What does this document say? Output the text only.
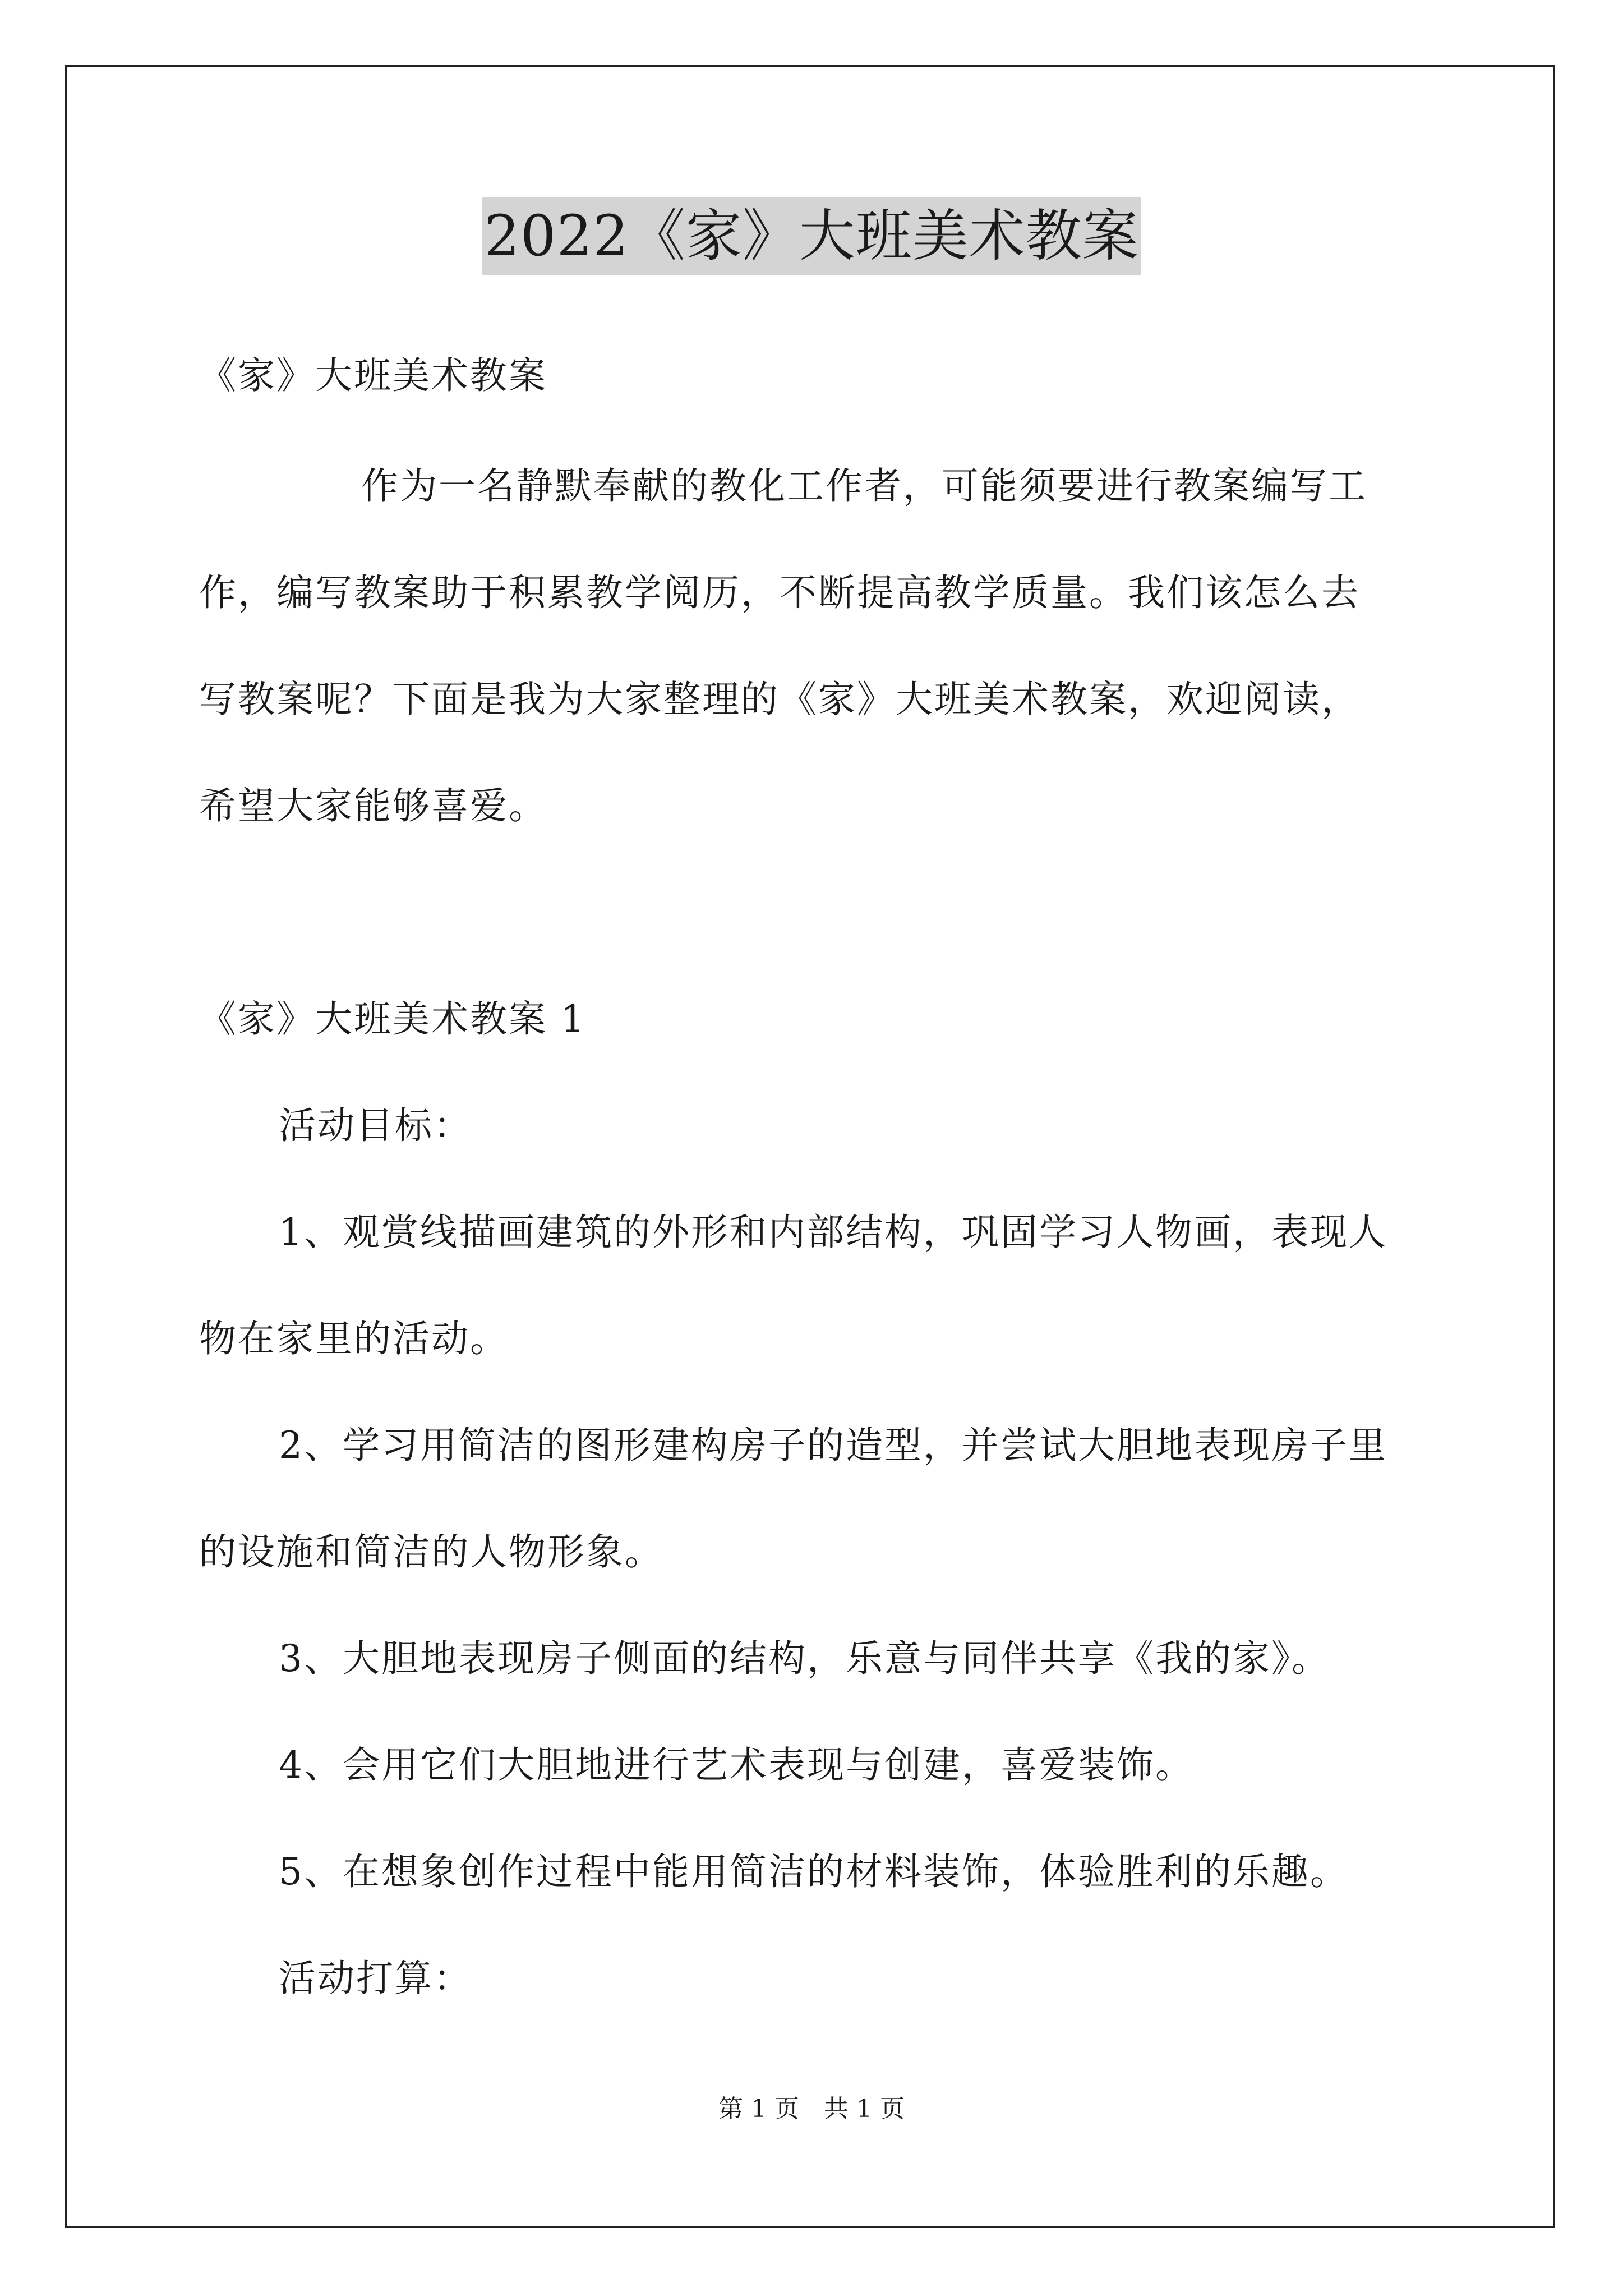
2022《家》大班美术教案
《家》大班美术教案
作为一名静默奉献的教化工作者，可能须要进行教案编写工
作，编写教案助于积累教学阅历，不断提高教学质量。我们该怎么去
写教案呢？下面是我为大家整理的《家》大班美术教案，欢迎阅读，
希望大家能够喜爱。
《家》大班美术教案 1
活动目标：
1、观赏线描画建筑的外形和内部结构，巩固学习人物画，表现人
物在家里的活动。
2、学习用简洁的图形建构房子的造型，并尝试大胆地表现房子里
的设施和简洁的人物形象。
3、大胆地表现房子侧面的结构，乐意与同伴共享《我的家》。
4、会用它们大胆地进行艺术表现与创建，喜爱装饰。
5、在想象创作过程中能用简洁的材料装饰，体验胜利的乐趣。
活动打算：
第 1 页　共 1 页
